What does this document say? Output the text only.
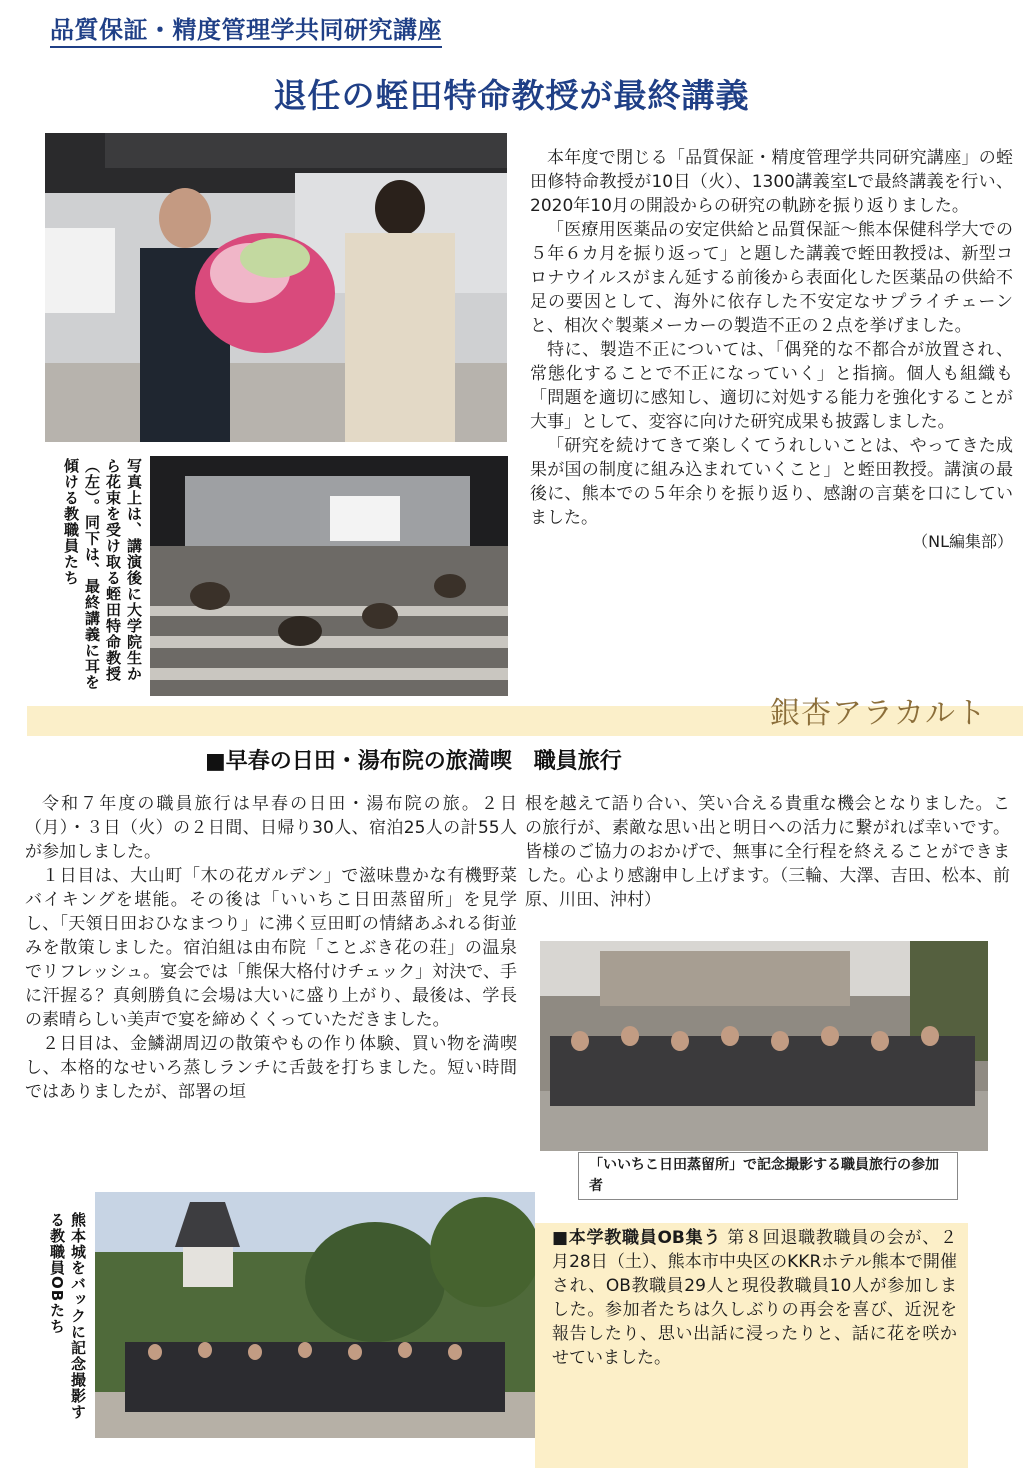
品質保証・精度管理学共同研究講座
退任の蛭田特命教授が最終講義

本年度で閉じる「品質保証・精度管理学共同研究講座」の蛭田修特命教授が10日（火）、1300講義室Lで最終講義を行い、2020年10月の開設からの研究の軌跡を振り返りました。

「医療用医薬品の安定供給と品質保証～熊本保健科学大での５年６カ月を振り返って」と題した講義で蛭田教授は、新型コロナウイルスがまん延する前後から表面化した医薬品の供給不足の要因として、海外に依存した不安定なサプライチェーンと、相次ぐ製薬メーカーの製造不正の２点を挙げました。

特に、製造不正については、「偶発的な不都合が放置され、常態化することで不正になっていく」と指摘。個人も組織も「問題を適切に感知し、適切に対処する能力を強化することが大事」として、変容に向けた研究成果も披露しました。

「研究を続けてきて楽しくてうれしいことは、やってきた成果が国の制度に組み込まれていくこと」と蛭田教授。講演の最後に、熊本での５年余りを振り返り、感謝の言葉を口にしていました。

（NL編集部）
写真上は、講演後に大学院生から花束を受け取る蛭田特命教授（左）。同下は、最終講義に耳を傾ける教職員たち
銀杏アラカルト
■早春の日田・湯布院の旅満喫　職員旅行

令和７年度の職員旅行は早春の日田・湯布院の旅。２日（月）・３日（火）の２日間、日帰り30人、宿泊25人の計55人が参加しました。

１日目は、大山町「木の花ガルデン」で滋味豊かな有機野菜バイキングを堪能。その後は「いいちこ日田蒸留所」を見学し、「天領日田おひなまつり」に沸く豆田町の情緒あふれる街並みを散策しました。宿泊組は由布院「ことぶき花の荘」の温泉でリフレッシュ。宴会では「熊保大格付けチェック」対決で、手に汗握る？真剣勝負に会場は大いに盛り上がり、最後は、学長の素晴らしい美声で宴を締めくくっていただきました。

２日目は、金鱗湖周辺の散策やもの作り体験、買い物を満喫し、本格的なせいろ蒸しランチに舌鼓を打ちました。短い時間ではありましたが、部署の垣

根を越えて語り合い、笑い合える貴重な機会となりました。この旅行が、素敵な思い出と明日への活力に繋がれば幸いです。皆様のご協力のおかげで、無事に全行程を終えることができました。心より感謝申し上げます。（三輪、大澤、吉田、松本、前原、川田、沖村）

「いいちこ日田蒸留所」で記念撮影する職員旅行の参加者
熊本城をバックに記念撮影する教職員OBたち	■本学教職員OB集う 第８回退職教職員の会が、２月28日（土）、熊本市中央区のKKRホテル熊本で開催され、OB教職員29人と現役教職員10人が参加しました。参加者たちは久しぶりの再会を喜び、近況を報告したり、思い出話に浸ったりと、話に花を咲かせていました。
